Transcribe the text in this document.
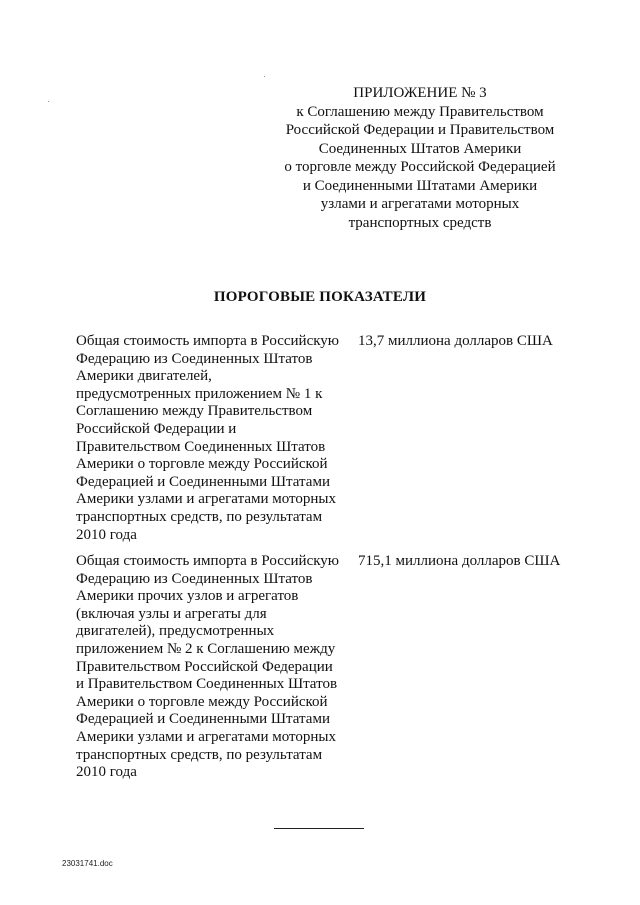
ПРИЛОЖЕНИЕ № 3
к Соглашению между Правительством
Российской Федерации и Правительством
Соединенных Штатов Америки
о торговле между Российской Федерацией
и Соединенными Штатами Америки
узлами и агрегатами моторных
транспортных средств
ПОРОГОВЫЕ ПОКАЗАТЕЛИ
Общая стоимость импорта в Российскую
Федерацию из Соединенных Штатов
Америки двигателей,
предусмотренных приложением № 1 к
Соглашению между Правительством
Российской Федерации и
Правительством Соединенных Штатов
Америки о торговле между Российской
Федерацией и Соединенными Штатами
Америки узлами и агрегатами моторных
транспортных средств, по результатам
2010 года
13,7 миллиона долларов США
Общая стоимость импорта в Российскую
Федерацию из Соединенных Штатов
Америки прочих узлов и агрегатов
(включая узлы и агрегаты для
двигателей), предусмотренных
приложением № 2 к Соглашению между
Правительством Российской Федерации
и Правительством Соединенных Штатов
Америки о торговле между Российской
Федерацией и Соединенными Штатами
Америки узлами и агрегатами моторных
транспортных средств, по результатам
2010 года
715,1 миллиона долларов США
23031741.doc
